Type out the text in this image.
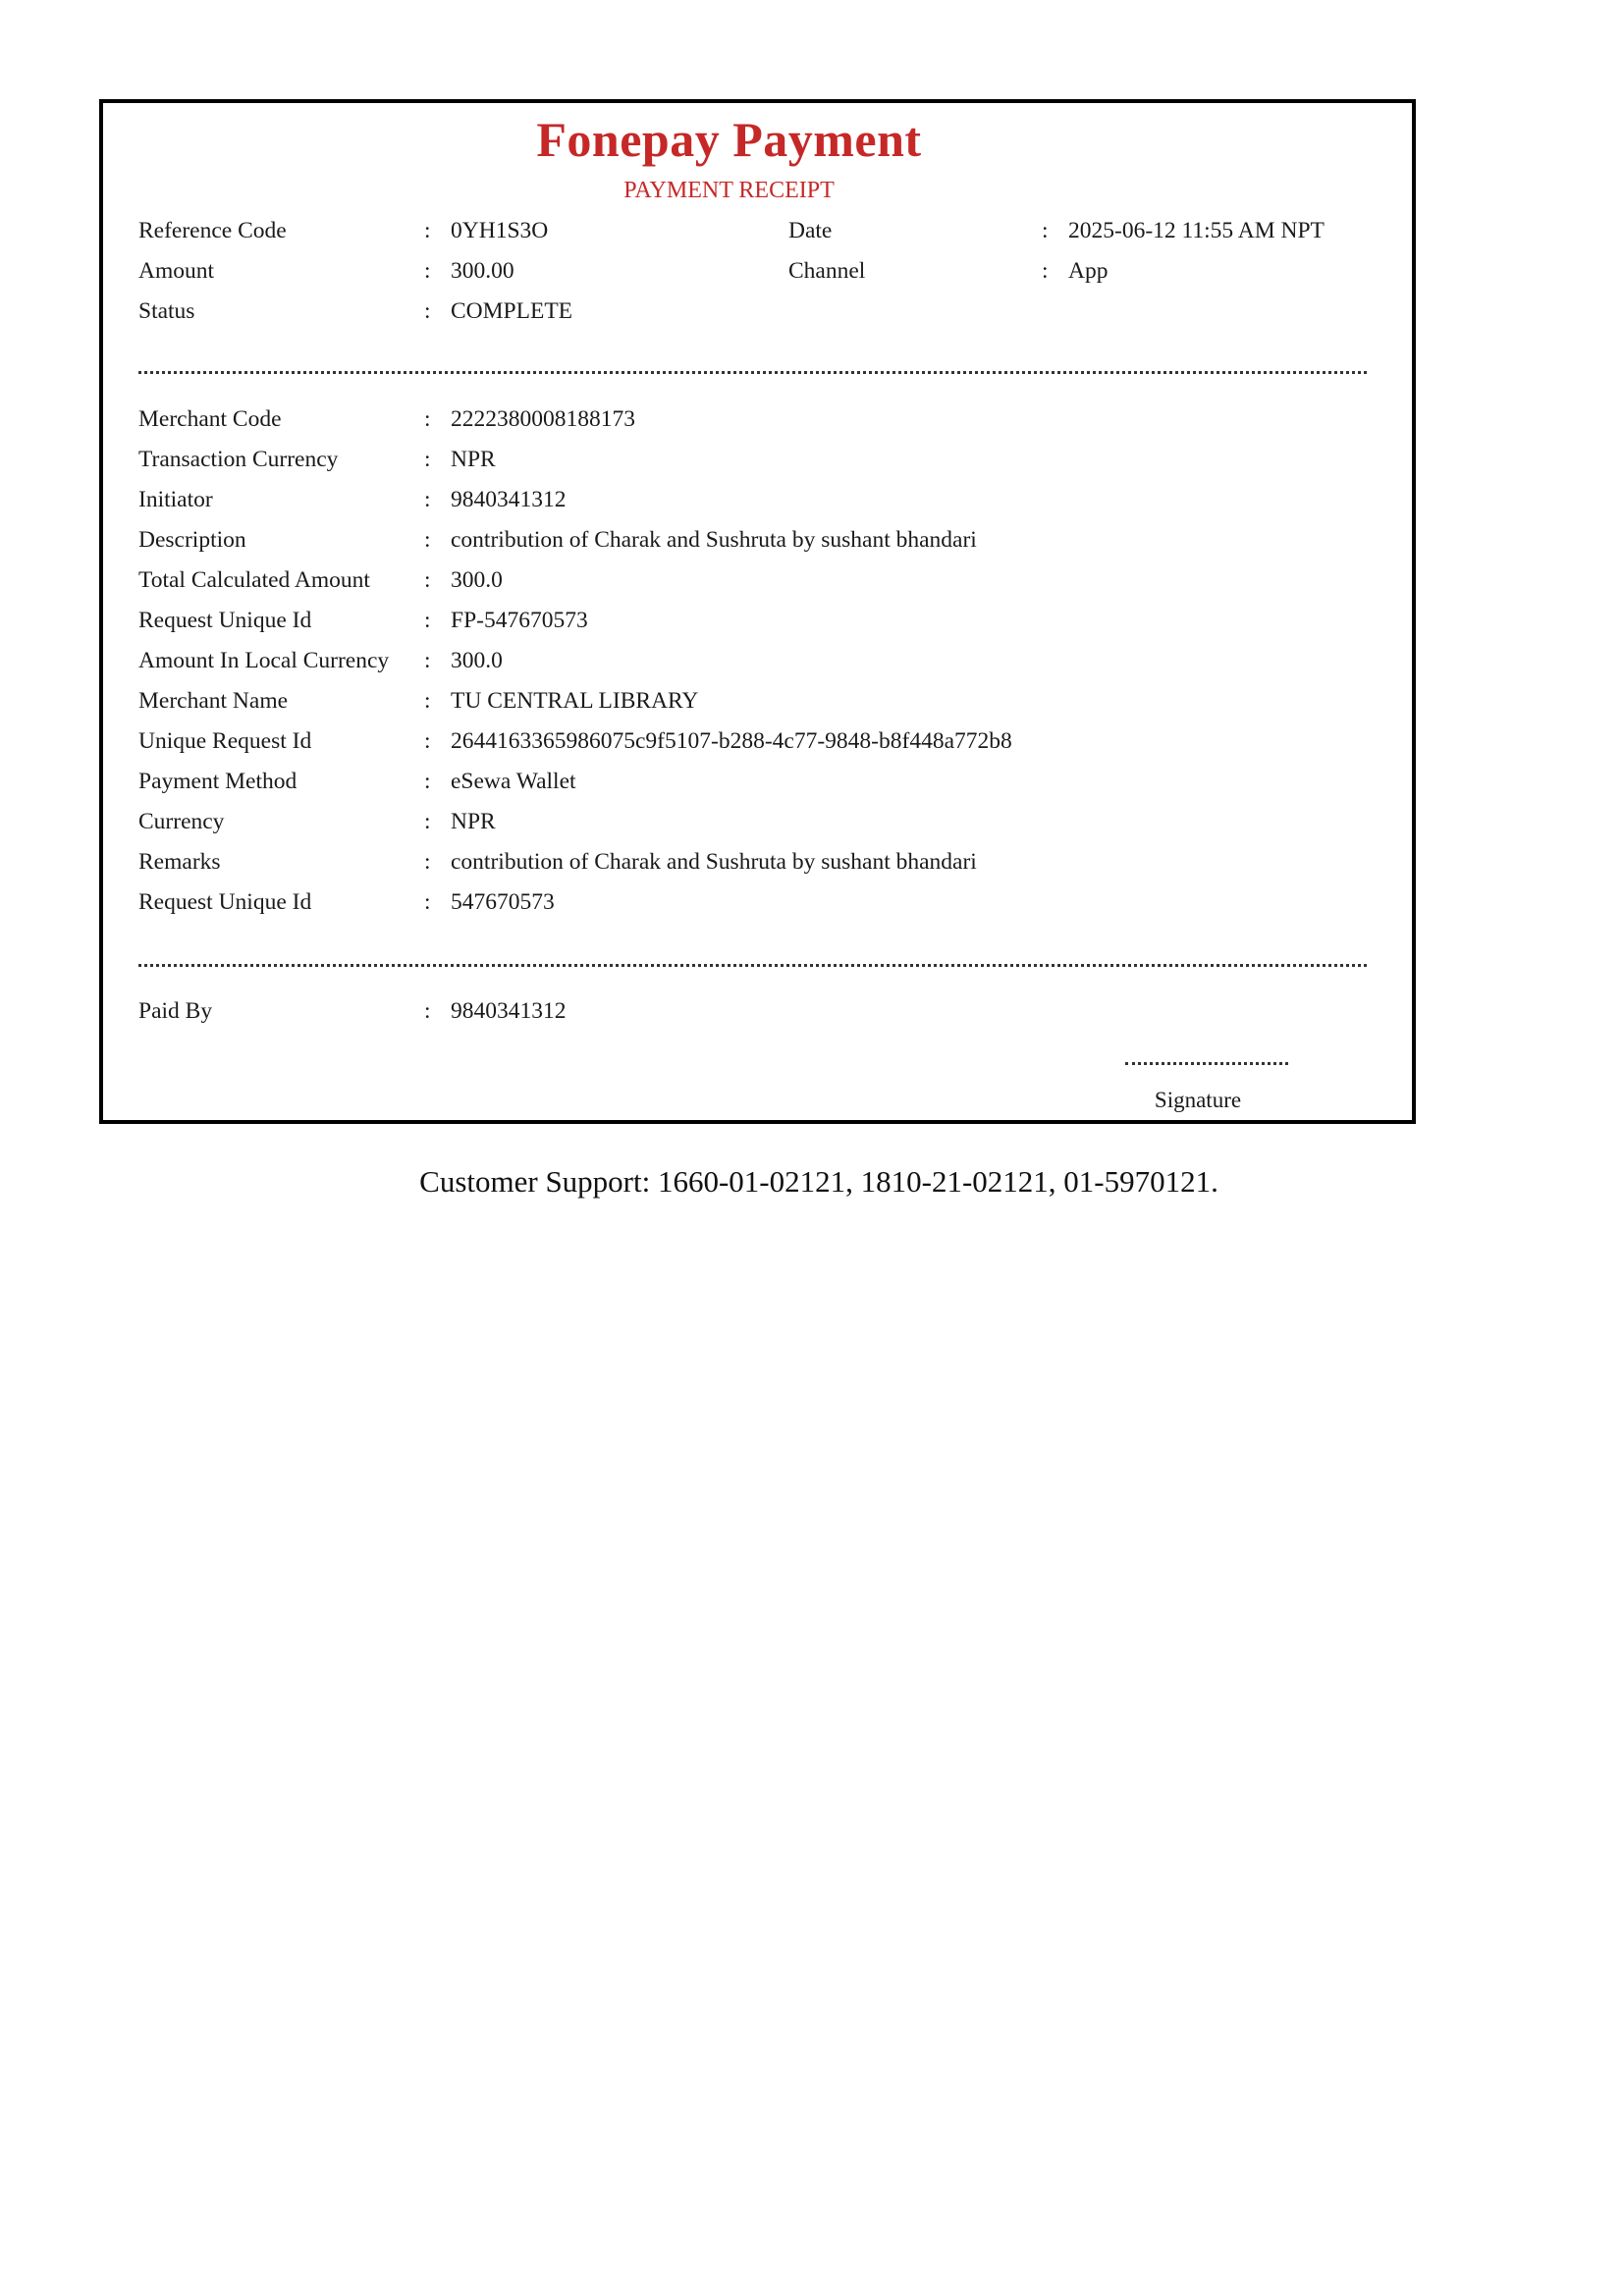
Fonepay Payment
PAYMENT RECEIPT
Reference Code	: 0YH1S3O
Amount	: 300.00
Status	: COMPLETE
Date	: 2025-06-12 11:55 AM NPT
Channel	: App
Merchant Code	: 2222380008188173
Transaction Currency	: NPR
Initiator	: 9840341312
Description	: contribution of Charak and Sushruta by sushant bhandari
Total Calculated Amount : 300.0
Request Unique Id	: FP-547670573
Amount In Local Currency : 300.0
Merchant Name	: TU CENTRAL LIBRARY
Unique Request Id	: 2644163365986075c9f5107-b288-4c77-9848-b8f448a772b8
Payment Method	: eSewa Wallet
Currency	: NPR
Remarks	: contribution of Charak and Sushruta by sushant bhandari
Request Unique Id	: 547670573
Paid By	: 9840341312
Signature
Customer Support: 1660-01-02121, 1810-21-02121, 01-5970121.
